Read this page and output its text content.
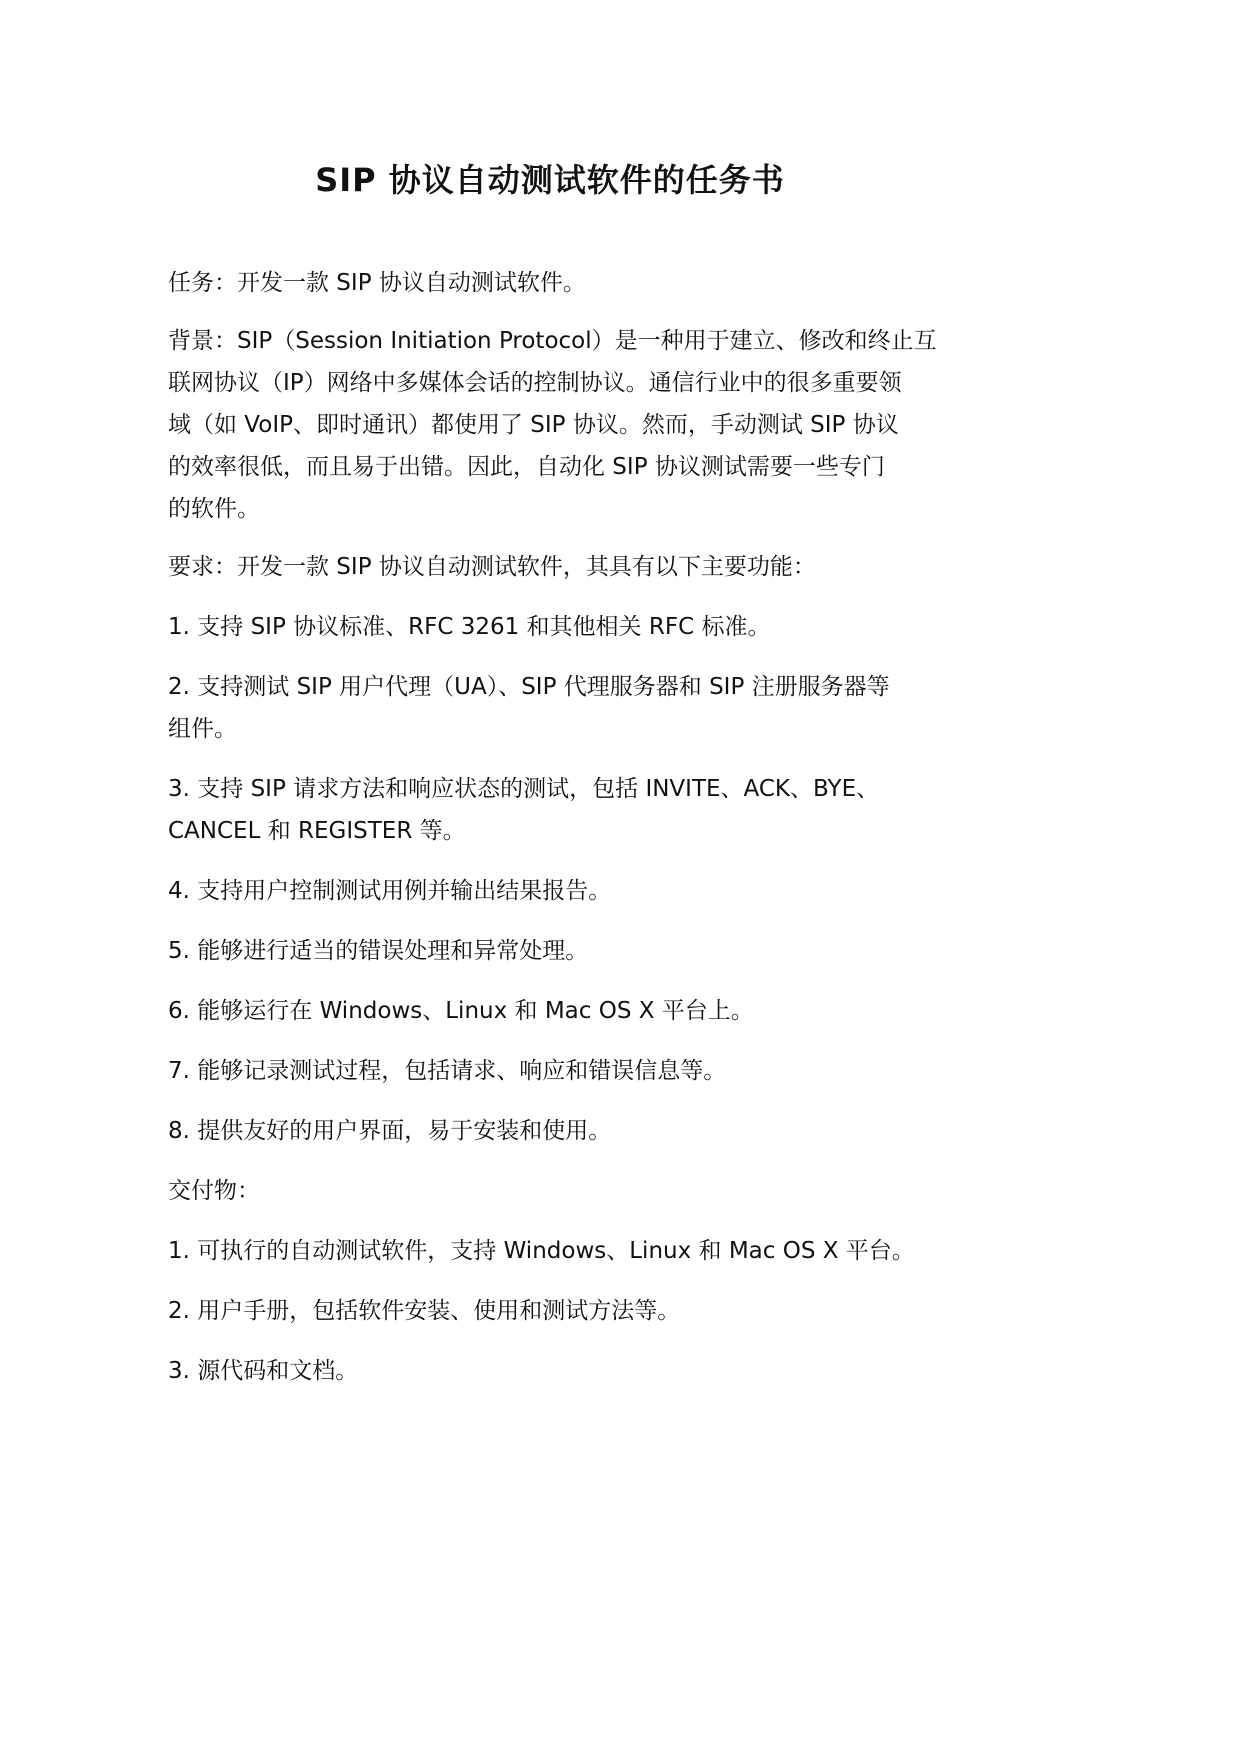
SIP 协议自动测试软件的任务书
任务：开发一款 SIP 协议自动测试软件。
背景：SIP（Session Initiation Protocol）是一种用于建立、修改和终止互
联网协议（IP）网络中多媒体会话的控制协议。通信行业中的很多重要领
域（如 VoIP、即时通讯）都使用了 SIP 协议。然而，手动测试 SIP 协议
的效率很低，而且易于出错。因此，自动化 SIP 协议测试需要一些专门
的软件。
要求：开发一款 SIP 协议自动测试软件，其具有以下主要功能：
1. 支持 SIP 协议标准、RFC 3261 和其他相关 RFC 标准。
2. 支持测试 SIP 用户代理（UA）、SIP 代理服务器和 SIP 注册服务器等
组件。
3. 支持 SIP 请求方法和响应状态的测试，包括 INVITE、ACK、BYE、
CANCEL 和 REGISTER 等。
4. 支持用户控制测试用例并输出结果报告。
5. 能够进行适当的错误处理和异常处理。
6. 能够运行在 Windows、Linux 和 Mac OS X 平台上。
7. 能够记录测试过程，包括请求、响应和错误信息等。
8. 提供友好的用户界面，易于安装和使用。
交付物：
1. 可执行的自动测试软件，支持 Windows、Linux 和 Mac OS X 平台。
2. 用户手册，包括软件安装、使用和测试方法等。
3. 源代码和文档。
